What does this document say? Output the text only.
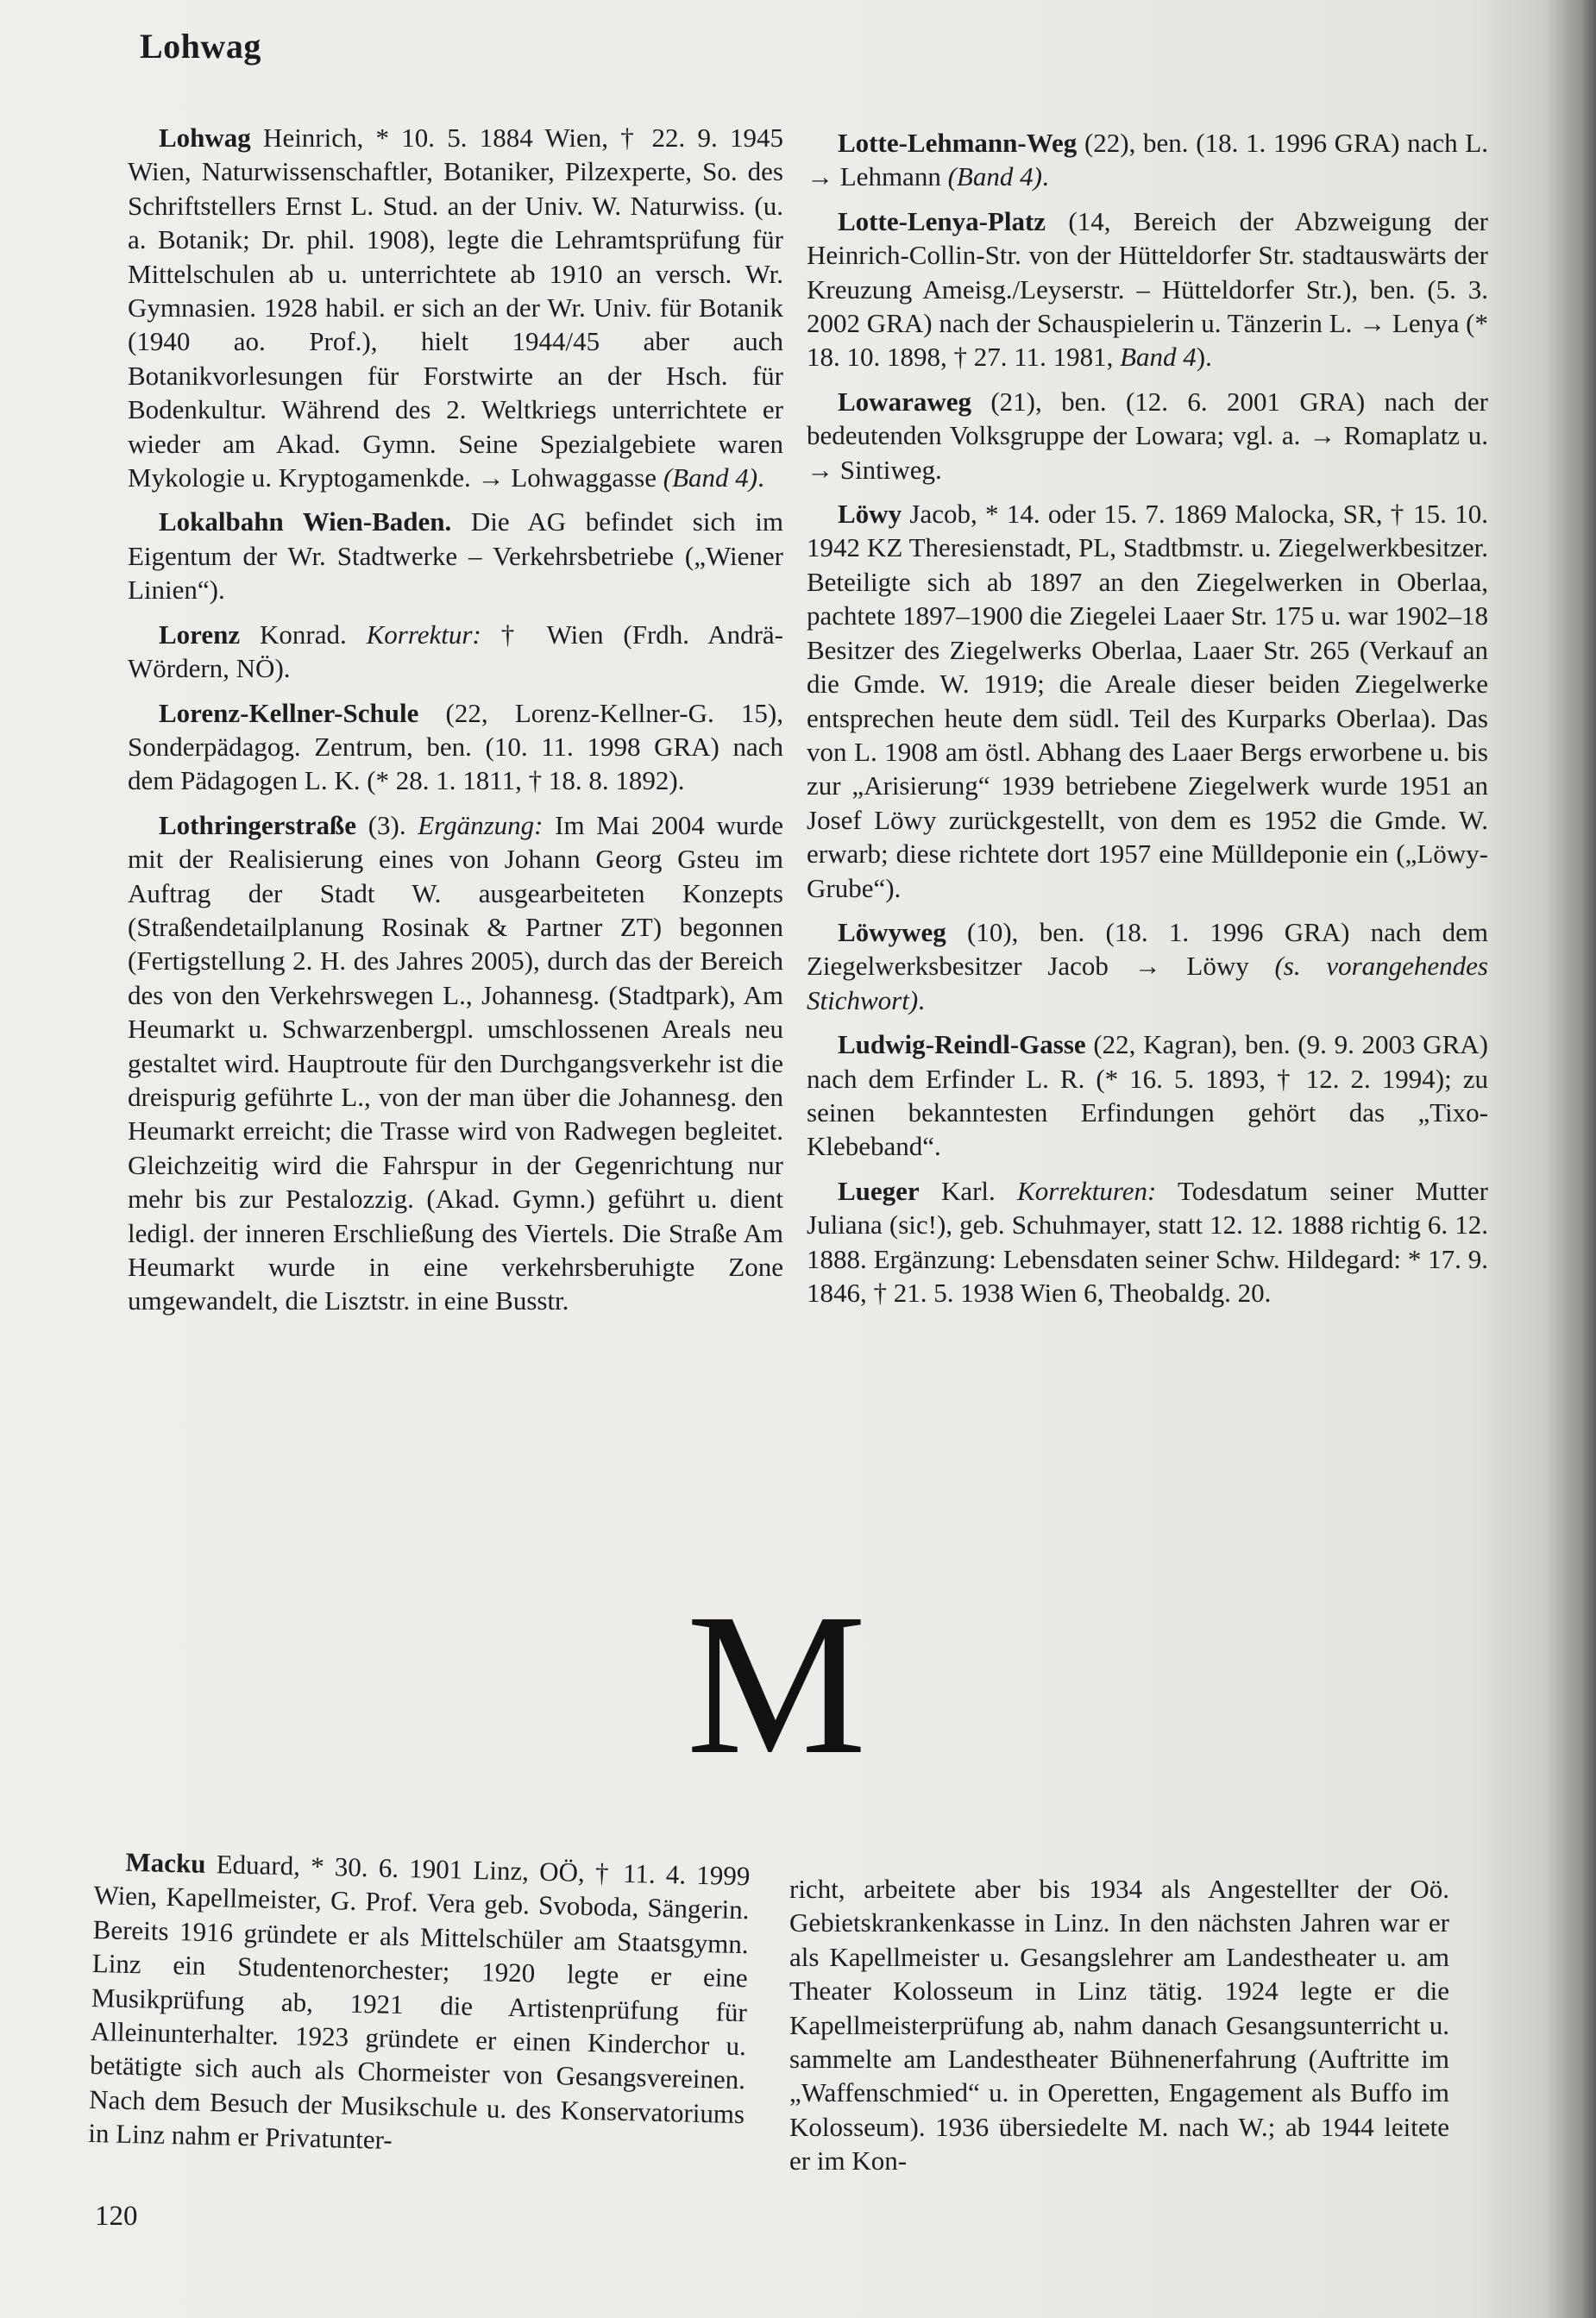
Lohwag

Lohwag Heinrich, * 10. 5. 1884 Wien, † 22. 9. 1945 Wien, Naturwissenschaftler, Botaniker, Pilzexperte, So. des Schriftstellers Ernst L. Stud. an der Univ. W. Naturwiss. (u. a. Botanik; Dr. phil. 1908), legte die Lehramtsprüfung für Mittelschulen ab u. unterrichtete ab 1910 an versch. Wr. Gymnasien. 1928 habil. er sich an der Wr. Univ. für Botanik (1940 ao. Prof.), hielt 1944/45 aber auch Botanikvorlesungen für Forstwirte an der Hsch. für Bodenkultur. Während des 2. Weltkriegs unterrichtete er wieder am Akad. Gymn. Seine Spezialgebiete waren Mykologie u. Kryptogamenkde. → Lohwaggasse (Band 4).

Lokalbahn Wien-Baden. Die AG befindet sich im Eigentum der Wr. Stadtwerke – Verkehrsbetriebe („Wiener Linien“).

Lorenz Konrad. Korrektur: † Wien (Frdh. Andrä-Wördern, NÖ).

Lorenz-Kellner-Schule (22, Lorenz-Kellner-G. 15), Sonderpädagog. Zentrum, ben. (10. 11. 1998 GRA) nach dem Pädagogen L. K. (* 28. 1. 1811, † 18. 8. 1892).

Lothringerstraße (3). Ergänzung: Im Mai 2004 wurde mit der Realisierung eines von Johann Georg Gsteu im Auftrag der Stadt W. ausgearbeiteten Konzepts (Straßendetailplanung Rosinak & Partner ZT) begonnen (Fertigstellung 2. H. des Jahres 2005), durch das der Bereich des von den Verkehrswegen L., Johannesg. (Stadtpark), Am Heumarkt u. Schwarzenbergpl. umschlossenen Areals neu gestaltet wird. Hauptroute für den Durchgangsverkehr ist die dreispurig geführte L., von der man über die Johannesg. den Heumarkt erreicht; die Trasse wird von Radwegen begleitet. Gleichzeitig wird die Fahrspur in der Gegenrichtung nur mehr bis zur Pestalozzig. (Akad. Gymn.) geführt u. dient ledigl. der inneren Erschließung des Viertels. Die Straße Am Heumarkt wurde in eine verkehrsberuhigte Zone umgewandelt, die Lisztstr. in eine Busstr.

Lotte-Lehmann-Weg (22), ben. (18. 1. 1996 GRA) nach L. → Lehmann (Band 4).

Lotte-Lenya-Platz (14, Bereich der Abzweigung der Heinrich-Collin-Str. von der Hütteldorfer Str. stadtauswärts der Kreuzung Ameisg./Leyserstr. – Hütteldorfer Str.), ben. (5. 3. 2002 GRA) nach der Schauspielerin u. Tänzerin L. → Lenya (* 18. 10. 1898, † 27. 11. 1981, Band 4).

Lowaraweg (21), ben. (12. 6. 2001 GRA) nach der bedeutenden Volksgruppe der Lowara; vgl. a. → Romaplatz u. → Sintiweg.

Löwy Jacob, * 14. oder 15. 7. 1869 Malocka, SR, † 15. 10. 1942 KZ Theresienstadt, PL, Stadtbmstr. u. Ziegelwerkbesitzer. Beteiligte sich ab 1897 an den Ziegelwerken in Oberlaa, pachtete 1897–1900 die Ziegelei Laaer Str. 175 u. war 1902–18 Besitzer des Ziegelwerks Oberlaa, Laaer Str. 265 (Verkauf an die Gmde. W. 1919; die Areale dieser beiden Ziegelwerke entsprechen heute dem südl. Teil des Kurparks Oberlaa). Das von L. 1908 am östl. Abhang des Laaer Bergs erworbene u. bis zur „Arisierung“ 1939 betriebene Ziegelwerk wurde 1951 an Josef Löwy zurückgestellt, von dem es 1952 die Gmde. W. erwarb; diese richtete dort 1957 eine Mülldeponie ein („Löwy-Grube“).

Löwyweg (10), ben. (18. 1. 1996 GRA) nach dem Ziegelwerksbesitzer Jacob → Löwy (s. vorangehendes Stichwort).

Ludwig-Reindl-Gasse (22, Kagran), ben. (9. 9. 2003 GRA) nach dem Erfinder L. R. (* 16. 5. 1893, † 12. 2. 1994); zu seinen bekanntesten Erfindungen gehört das „Tixo-Klebeband“.

Lueger Karl. Korrekturen: Todesdatum seiner Mutter Juliana (sic!), geb. Schuhmayer, statt 12. 12. 1888 richtig 6. 12. 1888. Ergänzung: Lebensdaten seiner Schw. Hildegard: * 17. 9. 1846, † 21. 5. 1938 Wien 6, Theobaldg. 20.

M

Macku Eduard, * 30. 6. 1901 Linz, OÖ, † 11. 4. 1999 Wien, Kapellmeister, G. Prof. Vera geb. Svoboda, Sängerin. Bereits 1916 gründete er als Mittelschüler am Staatsgymn. Linz ein Studentenorchester; 1920 legte er eine Musikprüfung ab, 1921 die Artistenprüfung für Alleinunterhalter. 1923 gründete er einen Kinderchor u. betätigte sich auch als Chormeister von Gesangsvereinen. Nach dem Besuch der Musikschule u. des Konservatoriums in Linz nahm er Privatunter-

richt, arbeitete aber bis 1934 als Angestellter der Oö. Gebietskrankenkasse in Linz. In den nächsten Jahren war er als Kapellmeister u. Gesangslehrer am Landestheater u. am Theater Kolosseum in Linz tätig. 1924 legte er die Kapellmeisterprüfung ab, nahm danach Gesangsunterricht u. sammelte am Landestheater Bühnenerfahrung (Auftritte im „Waffenschmied“ u. in Operetten, Engagement als Buffo im Kolosseum). 1936 übersiedelte M. nach W.; ab 1944 leitete er im Kon-

120
